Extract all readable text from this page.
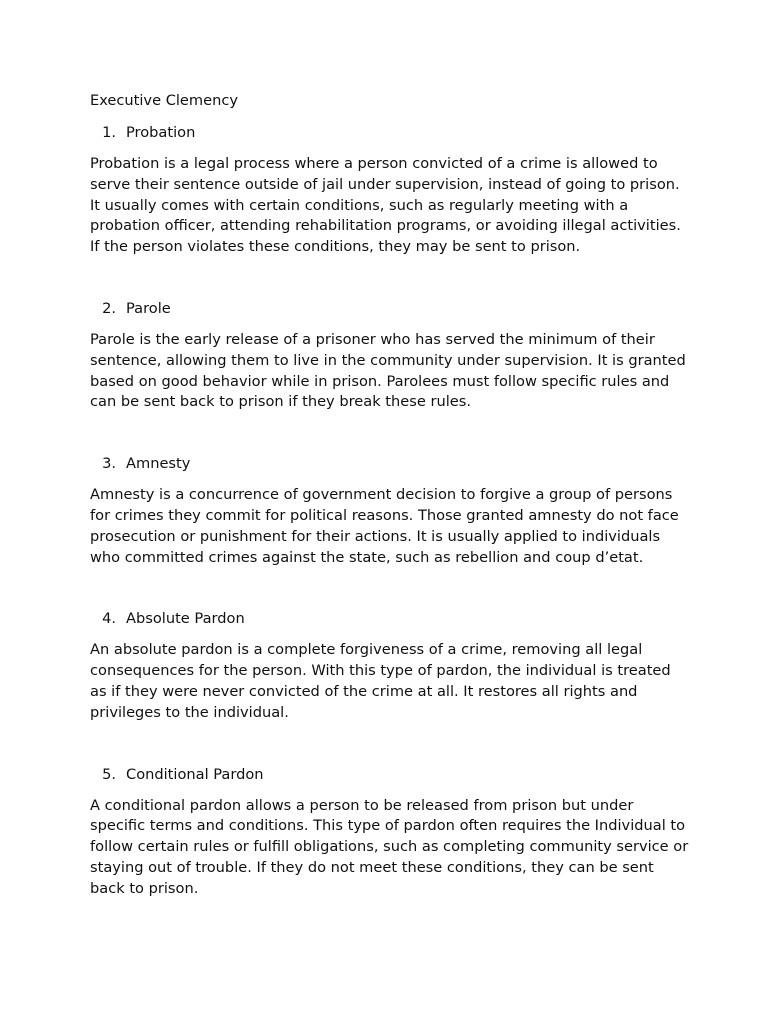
Executive Clemency

1. Probation

Probation is a legal process where a person convicted of a crime is allowed to serve their sentence outside of jail under supervision, instead of going to prison. It usually comes with certain conditions, such as regularly meeting with a probation officer, attending rehabilitation programs, or avoiding illegal activities. If the person violates these conditions, they may be sent to prison.

2. Parole

Parole is the early release of a prisoner who has served the minimum of their sentence, allowing them to live in the community under supervision. It is granted based on good behavior while in prison. Parolees must follow specific rules and can be sent back to prison if they break these rules.

3. Amnesty

Amnesty is a concurrence of government decision to forgive a group of persons for crimes they commit for political reasons. Those granted amnesty do not face prosecution or punishment for their actions. It is usually applied to individuals who committed crimes against the state, such as rebellion and coup d’etat.

4. Absolute Pardon

An absolute pardon is a complete forgiveness of a crime, removing all legal consequences for the person. With this type of pardon, the individual is treated as if they were never convicted of the crime at all. It restores all rights and privileges to the individual.

5. Conditional Pardon

A conditional pardon allows a person to be released from prison but under specific terms and conditions. This type of pardon often requires the Individual to follow certain rules or fulfill obligations, such as completing community service or staying out of trouble. If they do not meet these conditions, they can be sent back to prison.
